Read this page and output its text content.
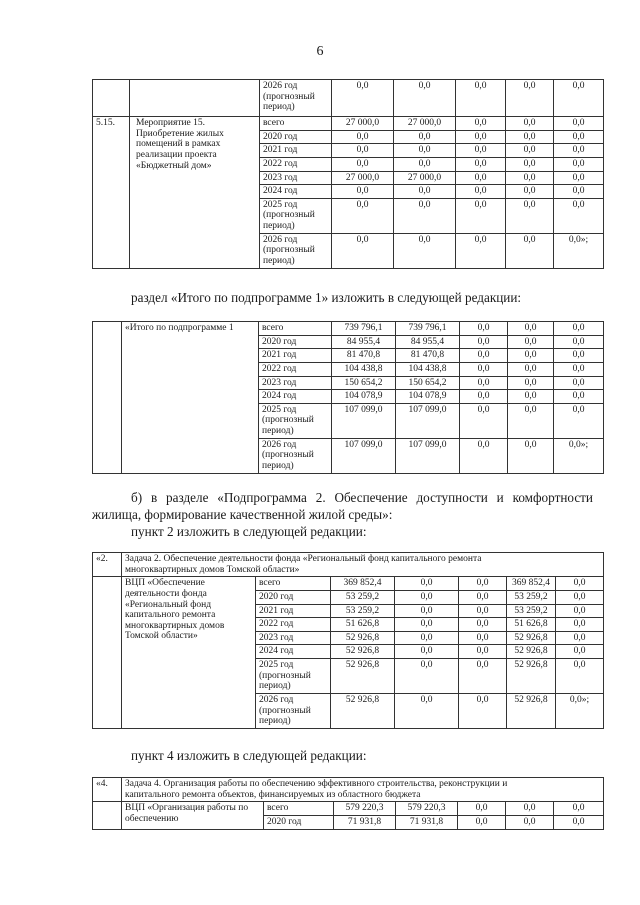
6
		2026 год (прогнозный период)	0,0	0,0	0,0	0,0	0,0
5.15.	Мероприятие 15. Приобретение жилых помещений в рамках реализации проекта «Бюджетный дом»	всего	27 000,0	27 000,0	0,0	0,0	0,0
		2020 год	0,0	0,0	0,0	0,0	0,0
		2021 год	0,0	0,0	0,0	0,0	0,0
		2022 год	0,0	0,0	0,0	0,0	0,0
		2023 год	27 000,0	27 000,0	0,0	0,0	0,0
		2024 год	0,0	0,0	0,0	0,0	0,0
		2025 год (прогнозный период)	0,0	0,0	0,0	0,0	0,0
		2026 год (прогнозный период)	0,0	0,0	0,0	0,0	0,0»;
раздел «Итого по подпрограмме 1» изложить в следующей редакции:
	«Итого по подпрограмме 1	всего	739 796,1	739 796,1	0,0	0,0	0,0
		2020 год	84 955,4	84 955,4	0,0	0,0	0,0
		2021 год	81 470,8	81 470,8	0,0	0,0	0,0
		2022 год	104 438,8	104 438,8	0,0	0,0	0,0
		2023 год	150 654,2	150 654,2	0,0	0,0	0,0
		2024 год	104 078,9	104 078,9	0,0	0,0	0,0
		2025 год (прогнозный период)	107 099,0	107 099,0	0,0	0,0	0,0
		2026 год (прогнозный период)	107 099,0	107 099,0	0,0	0,0	0,0»;
б) в разделе «Подпрограмма 2. Обеспечение доступности и комфортности
жилища, формирование качественной жилой среды»:
пункт 2 изложить в следующей редакции:
«2.	Задача 2. Обеспечение деятельности фонда «Региональный фонд капитального ремонта многоквартирных домов Томской области»						
	ВЦП «Обеспечение деятельности фонда «Региональный фонд капитального ремонта многоквартирных домов Томской области»	всего	369 852,4	0,0	0,0	369 852,4	0,0
		2020 год	53 259,2	0,0	0,0	53 259,2	0,0
		2021 год	53 259,2	0,0	0,0	53 259,2	0,0
		2022 год	51 626,8	0,0	0,0	51 626,8	0,0
		2023 год	52 926,8	0,0	0,0	52 926,8	0,0
		2024 год	52 926,8	0,0	0,0	52 926,8	0,0
		2025 год (прогнозный период)	52 926,8	0,0	0,0	52 926,8	0,0
		2026 год (прогнозный период)	52 926,8	0,0	0,0	52 926,8	0,0»;
пункт 4 изложить в следующей редакции:
«4.	Задача 4. Организация работы по обеспечению эффективного строительства, реконструкции и капитального ремонта объектов, финансируемых из областного бюджета						
	ВЦП «Организация работы по обеспечению	всего	579 220,3	579 220,3	0,0	0,0	0,0
		2020 год	71 931,8	71 931,8	0,0	0,0	0,0
